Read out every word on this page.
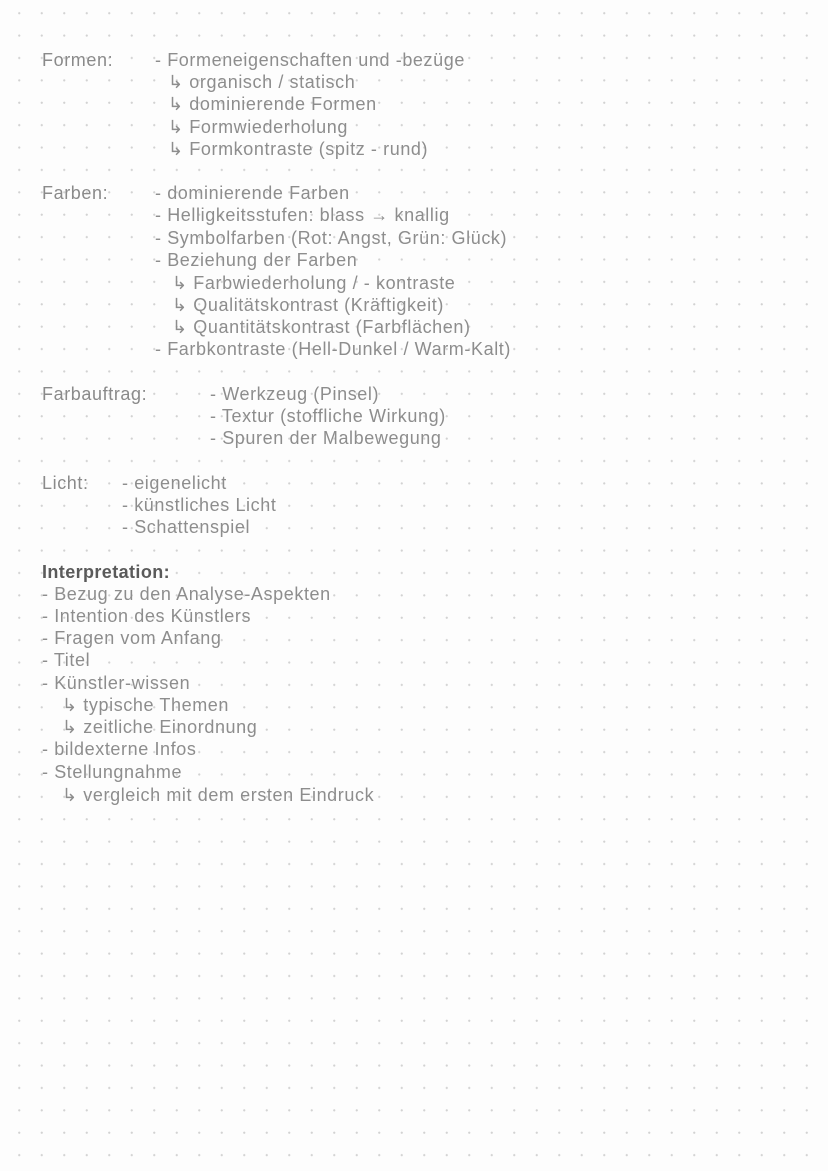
Formen: - Formeneigenschaften und -bezüge
↳ organisch / statisch
↳ dominierende Formen
↳ Formwiederholung
↳ Formkontraste (spitz - rund)
Farben:	- dominierende Farben
- Helligkeitsstufen: blass → knallig
- Symbolfarben (Rot: Angst, Grün: Glück)
- Beziehung der Farben
↳ Farbwiederholung / - kontraste
↳ Qualitätskontrast (Kräftigkeit)
↳ Quantitätskontrast (Farbflächen)
- Farbkontraste (Hell-Dunkel / Warm-Kalt)
Farbauftrag:	- Werkzeug (Pinsel)
- Textur (stoffliche Wirkung)
- Spuren der Malbewegung
Licht: - eigenelicht
- künstliches Licht
- Schattenspiel
Interpretation:
- Bezug zu den Analyse-Aspekten
- Intention des Künstlers
- Fragen vom Anfang
- Titel
- Künstler-wissen
↳ typische Themen
↳ zeitliche Einordnung
- bildexterne Infos
- Stellungnahme
↳ vergleich mit dem ersten Eindruck
